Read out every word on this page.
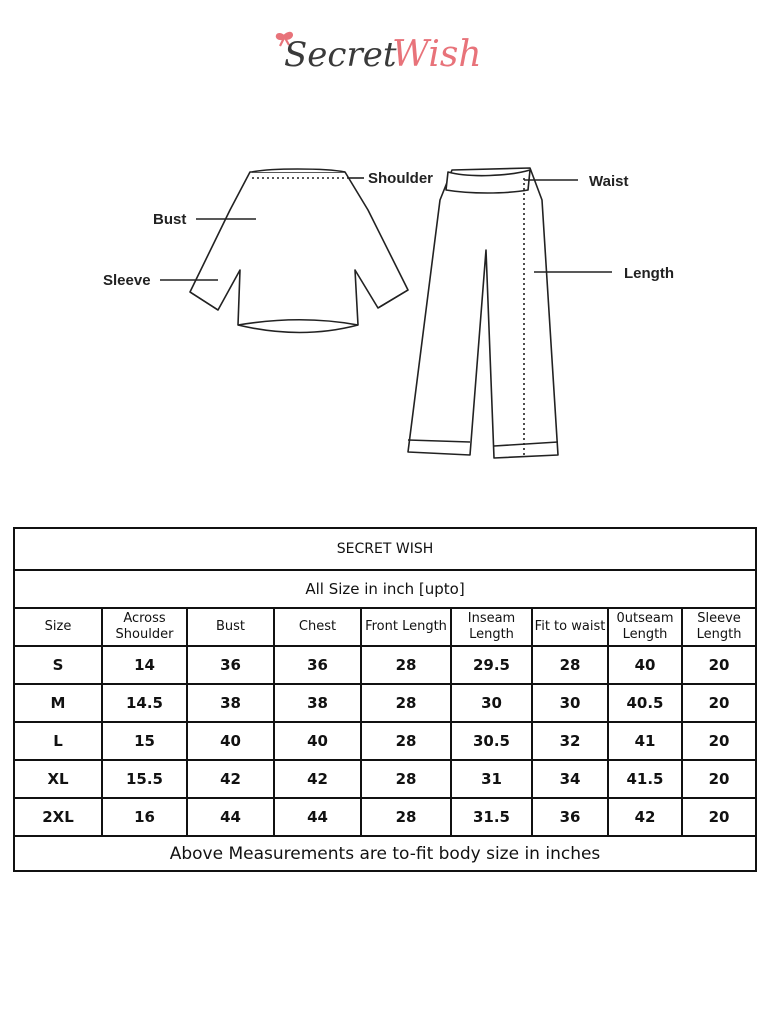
Secret
Wish
Shoulder
Bust
Sleeve
Waist
Length
SECRET WISH								
All Size in inch [upto]								
Size	Across Shoulder	Bust	Chest	Front Length	Inseam Length	Fit to waist	0utseam Length	Sleeve Length
S	14	36	36	28	29.5	28	40	20
M	14.5	38	38	28	30	30	40.5	20
L	15	40	40	28	30.5	32	41	20
XL	15.5	42	42	28	31	34	41.5	20
2XL	16	44	44	28	31.5	36	42	20
Above Measurements are to-fit body size in inches								
